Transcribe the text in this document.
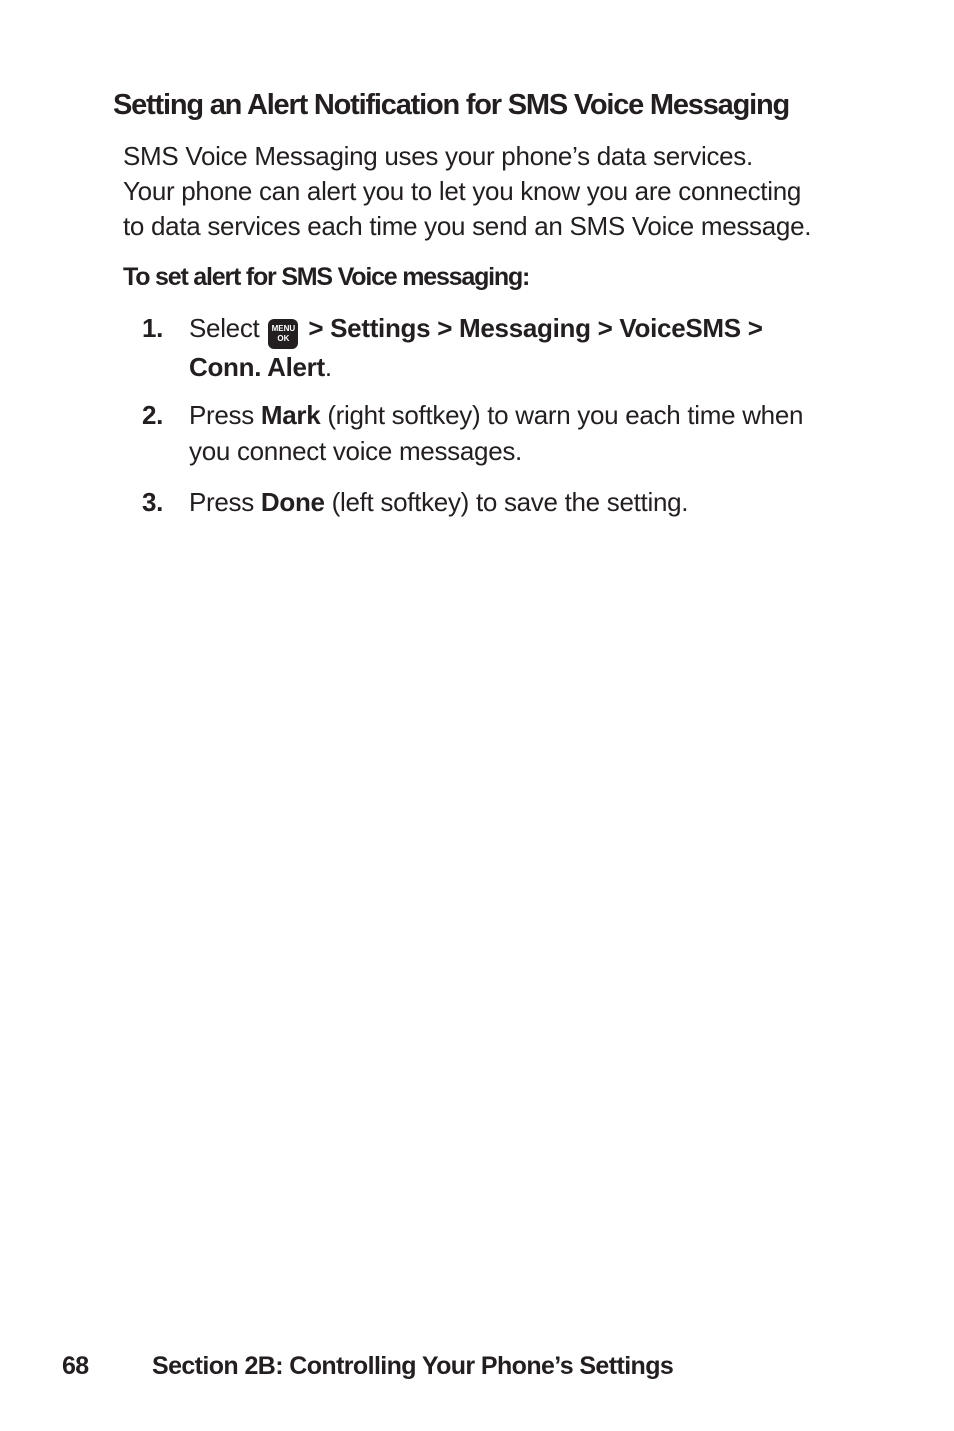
Setting an Alert Notification for SMS Voice Messaging

SMS Voice Messaging uses your phone’s data services.
Your phone can alert you to let you know you are connecting
to data services each time you send an SMS Voice message.

To set alert for SMS Voice messaging:
1. Select	MENU
OK > Settings > Messaging > VoiceSMS >
Conn. Alert.
2. Press Mark (right softkey) to warn you each time when
you connect voice messages.
3. Press Done (left softkey) to save the setting.
68	Section 2B: Controlling Your Phone’s Settings
